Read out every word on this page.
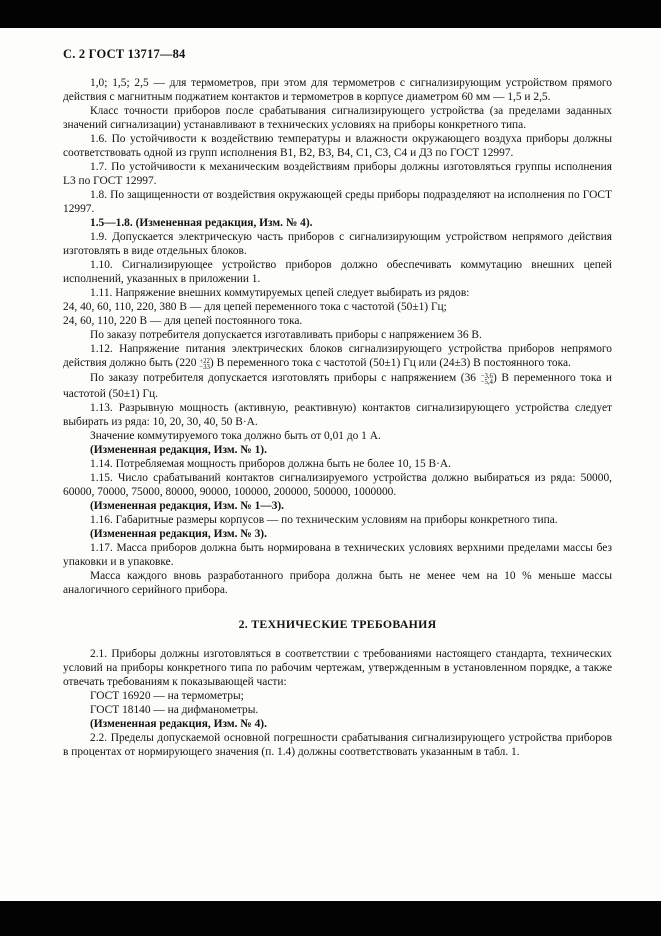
С. 2 ГОСТ 13717—84

1,0; 1,5; 2,5 — для термометров, при этом для термометров с сигнализирующим устройством прямого действия с магнитным поджатием контактов и термометров в корпусе диаметром 60 мм — 1,5 и 2,5.

Класс точности приборов после срабатывания сигнализирующего устройства (за пределами заданных значений сигнализации) устанавливают в технических условиях на приборы конкретного типа.

1.6. По устойчивости к воздействию температуры и влажности окружающего воздуха приборы должны соответствовать одной из групп исполнения В1, В2, В3, В4, С1, С3, С4 и Д3 по ГОСТ 12997.

1.7. По устойчивости к механическим воздействиям приборы должны изготовляться группы исполнения L3 по ГОСТ 12997.

1.8. По защищенности от воздействия окружающей среды приборы подразделяют на исполнения по ГОСТ 12997.

1.5—1.8. (Измененная редакция, Изм. № 4).

1.9. Допускается электрическую часть приборов с сигнализирующим устройством непрямого действия изготовлять в виде отдельных блоков.

1.10. Сигнализирующее устройство приборов должно обеспечивать коммутацию внешних цепей исполнений, указанных в приложении 1.

1.11. Напряжение внешних коммутируемых цепей следует выбирать из рядов:

24, 40, 60, 110, 220, 380 В — для цепей переменного тока с частотой (50±1) Гц;

24, 60, 110, 220 В — для цепей постоянного тока.

По заказу потребителя допускается изготавливать приборы с напряжением 36 В.

1.12. Напряжение питания электрических блоков сигнализирующего устройства приборов непрямого действия должно быть (220 +22
−33 ) В переменного тока с частотой (50±1) Гц или (24±3) В постоянного тока.

По заказу потребителя допускается изготовлять приборы с напряжением (36 −3,6
−5,4 ) В переменного тока и частотой (50±1) Гц.

1.13. Разрывную мощность (активную, реактивную) контактов сигнализирующего устройства следует выбирать из ряда: 10, 20, 30, 40, 50 В·А.

Значение коммутируемого тока должно быть от 0,01 до 1 А.

(Измененная редакция, Изм. № 1).

1.14. Потребляемая мощность приборов должна быть не более 10, 15 В·А.

1.15. Число срабатываний контактов сигнализируемого устройства должно выбираться из ряда: 50000, 60000, 70000, 75000, 80000, 90000, 100000, 200000, 500000, 1000000.

(Измененная редакция, Изм. № 1—3).

1.16. Габаритные размеры корпусов — по техническим условиям на приборы конкретного типа.

(Измененная редакция, Изм. № 3).

1.17. Масса приборов должна быть нормирована в технических условиях верхними пределами массы без упаковки и в упаковке.

Масса каждого вновь разработанного прибора должна быть не менее чем на 10 % меньше массы аналогичного серийного прибора.

2. ТЕХНИЧЕСКИЕ ТРЕБОВАНИЯ

2.1. Приборы должны изготовляться в соответствии с требованиями настоящего стандарта, технических условий на приборы конкретного типа по рабочим чертежам, утвержденным в установленном порядке, а также отвечать требованиям к показывающей части:

ГОСТ 16920 — на термометры;

ГОСТ 18140 — на дифманометры.

(Измененная редакция, Изм. № 4).

2.2. Пределы допускаемой основной погрешности срабатывания сигнализирующего устройства приборов в процентах от нормирующего значения (п. 1.4) должны соответствовать указанным в табл. 1.
